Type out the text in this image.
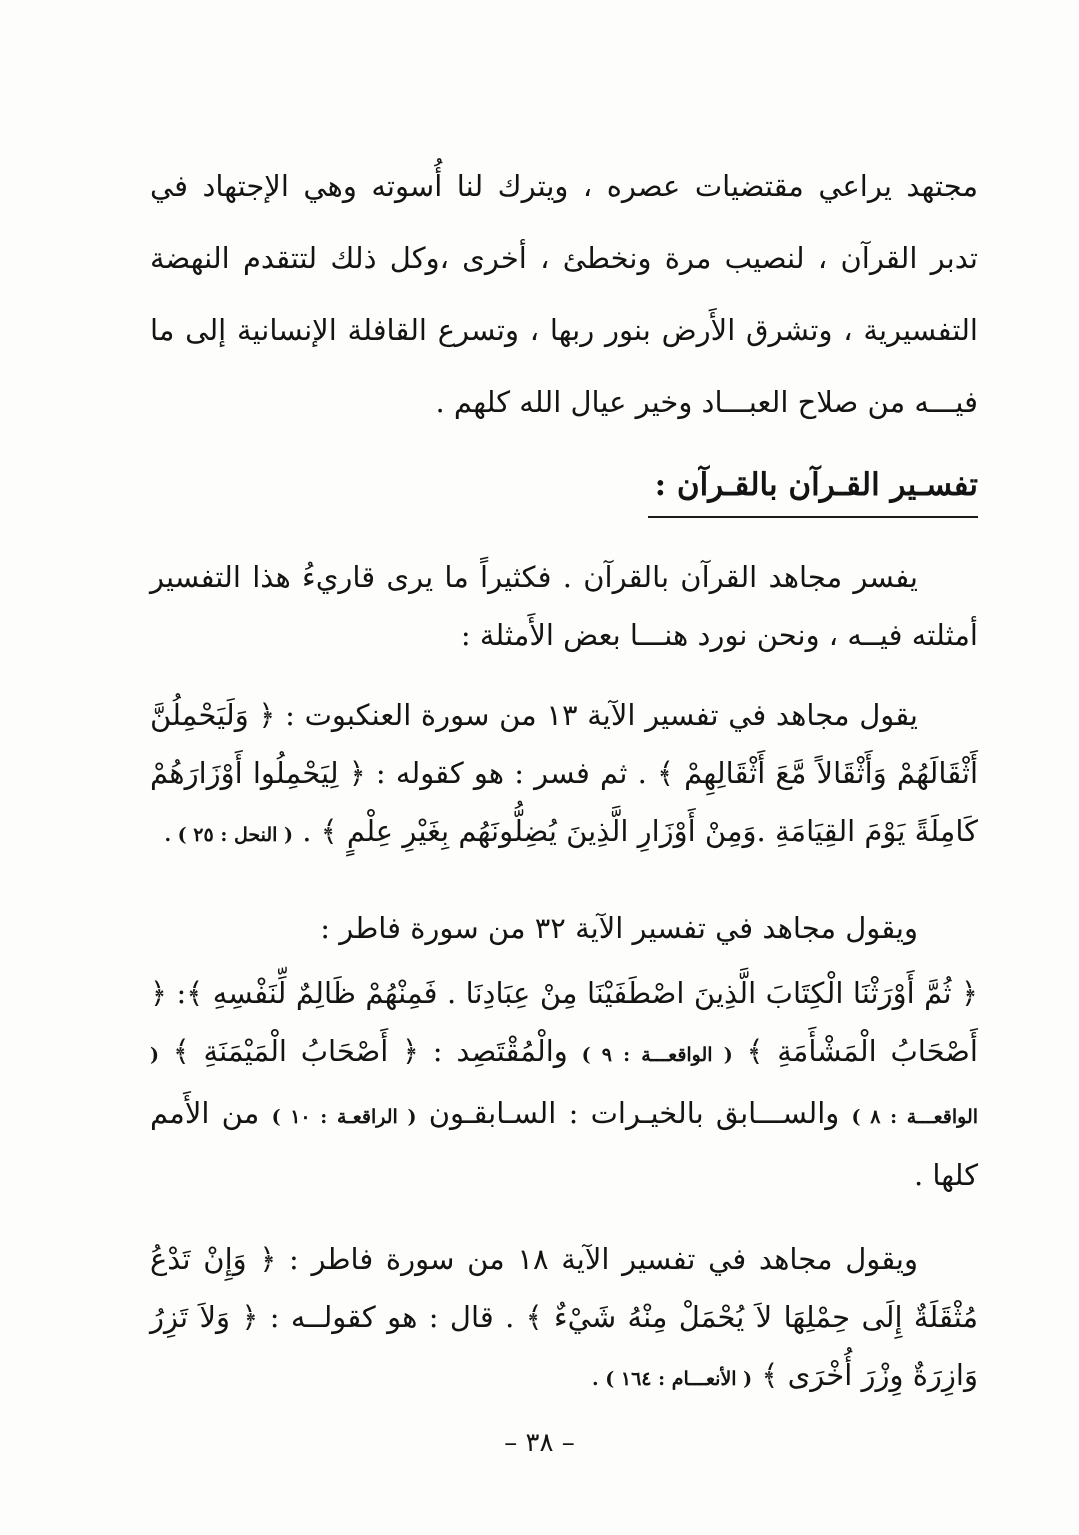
مجتهد يراعي مقتضيات عصره ، ويترك لنا أُسوته وهي الإجتهاد في تدبر القرآن ، لنصيب مرة ونخطئ ، أخرى ،وكل ذلك لتتقدم النهضة التفسيرية ، وتشرق الأَرض بنور ربها ، وتسرع القافلة الإنسانية إلى ما فيـــه من صلاح العبـــاد وخير عيال الله كلهم .

تفسـير القـرآن بالقـرآن :

يفسر مجاهد القرآن بالقرآن . فكثيراً ما يرى قاريءُ هذا التفسير أمثلته فيــه ، ونحن نورد هنـــا بعض الأَمثلة :

يقول مجاهد في تفسير الآية ١٣ من سورة العنكبوت : ﴿ وَلَيَحْمِلُنَّ أَثْقَالَهُمْ وَأَثْقَالاً مَّعَ أَثْقَالِهِمْ ﴾ . ثم فسر : هو كقوله : ﴿ لِيَحْمِلُوا أَوْزَارَهُمْ كَامِلَةً يَوْمَ القِيَامَةِ .وَمِنْ أَوْزَارِ الَّذِينَ يُضِلُّونَهُم بِغَيْرِ عِلْمٍ ﴾ . ( النحل : ٢٥ ) .

ويقول مجاهد في تفسير الآية ٣٢ من سورة فاطر :

﴿ ثُمَّ أَوْرَثْنَا الْكِتَابَ الَّذِينَ اصْطَفَيْنَا مِنْ عِبَادِنَا . فَمِنْهُمْ ظَالِمٌ لِّنَفْسِهِ ﴾: ﴿ أَصْحَابُ الْمَشْأَمَةِ ﴾ ( الواقعـــة : ٩ ) والْمُقْتَصِد : ﴿ أَصْحَابُ الْمَيْمَنَةِ ﴾ ( الواقعـــة : ٨ ) والســـابق بالخيـرات : السـابقـون ( الراقعـة : ١٠ ) من الأَمم كلها .

ويقول مجاهد في تفسير الآية ١٨ من سورة فاطر : ﴿ وَإِنْ تَدْعُ مُثْقَلَةٌ إِلَى حِمْلِهَا لاَ يُحْمَلْ مِنْهُ شَيْءٌ ﴾ . قال : هو كقولــه : ﴿ وَلاَ تَزِرُ وَازِرَةٌ وِزْرَ أُخْرَى ﴾ ( الأنعـــام : ١٦٤ ) .

– ٣٨ –
